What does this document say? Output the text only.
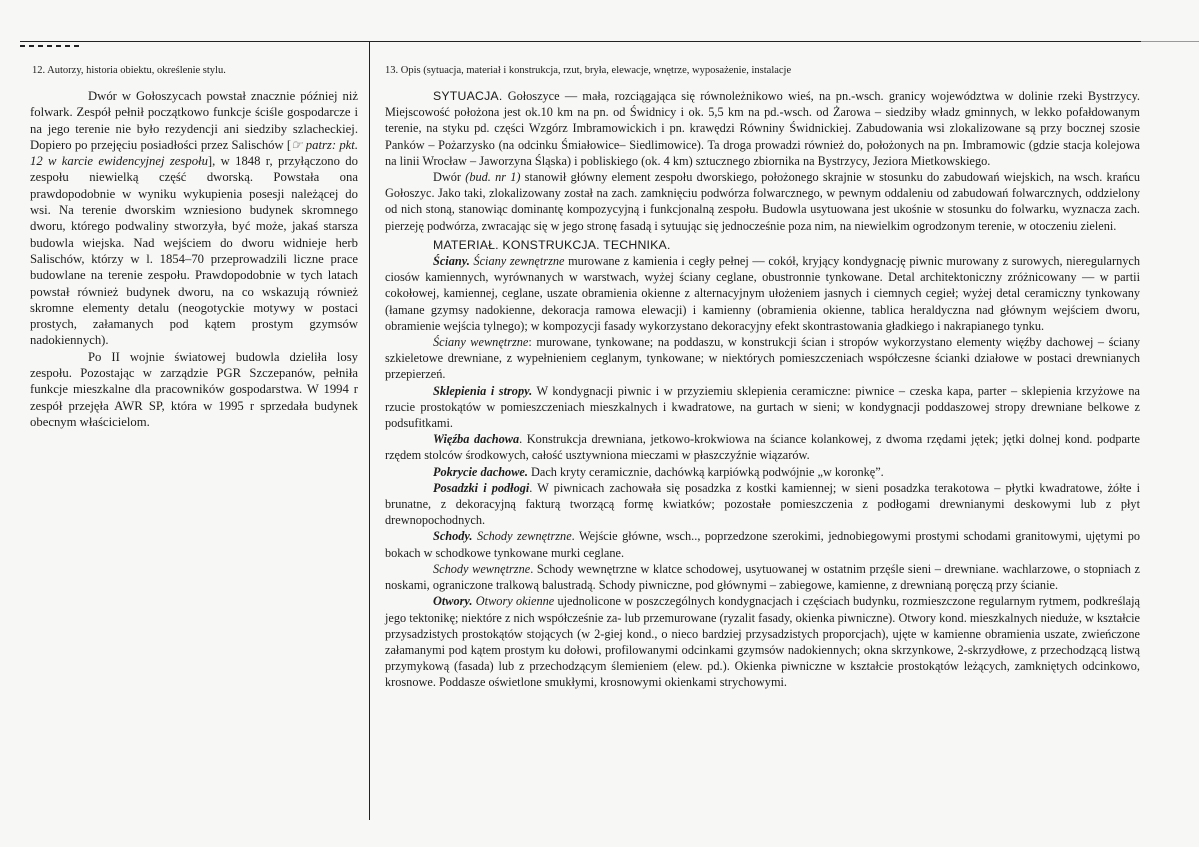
12. Autorzy, historia obiektu, określenie stylu.

Dwór w Gołoszycach powstał znacznie później niż folwark. Zespół pełnił początkowo funkcje ściśle gospodarcze i na jego terenie nie było rezydencji ani siedziby szlacheckiej. Dopiero po przejęciu posiadłości przez Salischów [☞ patrz: pkt. 12 w karcie ewidencyjnej zespołu], w 1848 r, przyłączono do zespołu niewielką część dworską. Powstała ona prawdopodobnie w wyniku wykupienia posesji należącej do wsi. Na terenie dworskim wzniesiono budynek skromnego dworu, którego podwaliny stworzyła, być może, jakaś starsza budowla wiejska. Nad wejściem do dworu widnieje herb Salischów, którzy w l. 1854–70 przeprowadzili liczne prace budowlane na terenie zespołu. Prawdopodobnie w tych latach powstał również budynek dworu, na co wskazują również skromne elementy detalu (neogotyckie motywy w postaci prostych, załamanych pod kątem prostym gzymsów nadokiennych).

Po II wojnie światowej budowla dzieliła losy zespołu. Pozostając w zarządzie PGR Szczepanów, pełniła funkcje mieszkalne dla pracowników gospodarstwa. W 1994 r zespół przejęła AWR SP, która w 1995 r sprzedała budynek obecnym właścicielom.

13. Opis (sytuacja, materiał i konstrukcja, rzut, bryła, elewacje, wnętrze, wyposażenie, instalacje

SYTUACJA. Gołoszyce — mała, rozciągająca się równoleżnikowo wieś, na pn.-wsch. granicy województwa w dolinie rzeki Bystrzycy. Miejscowość położona jest ok.10 km na pn. od Świdnicy i ok. 5,5 km na pd.-wsch. od Żarowa – siedziby władz gminnych, w lekko pofałdowanym terenie, na styku pd. części Wzgórz Imbramowickich i pn. krawędzi Równiny Świdnickiej. Zabudowania wsi zlokalizowane są przy bocznej szosie Panków – Pożarzysko (na odcinku Śmiałowice– Siedlimowice). Ta droga prowadzi również do, położonych na pn. Imbramowic (gdzie stacja kolejowa na linii Wrocław – Jaworzyna Śląska) i pobliskiego (ok. 4 km) sztucznego zbiornika na Bystrzycy, Jeziora Mietkowskiego.

Dwór (bud. nr 1) stanowił główny element zespołu dworskiego, położonego skrajnie w stosunku do zabudowań wiejskich, na wsch. krańcu Gołoszyc. Jako taki, zlokalizowany został na zach. zamknięciu podwórza folwarcznego, w pewnym oddaleniu od zabudowań folwarcznych, oddzielony od nich stoną, stanowiąc dominantę kompozycyjną i funkcjonalną zespołu. Budowla usytuowana jest ukośnie w stosunku do folwarku, wyznacza zach. pierzeję podwórza, zwracając się w jego stronę fasadą i sytuując się jednocześnie poza nim, na niewielkim ogrodzonym terenie, w otoczeniu zieleni.

MATERIAŁ. KONSTRUKCJA. TECHNIKA.

Ściany. Ściany zewnętrzne murowane z kamienia i cegły pełnej — cokół, kryjący kondygnację piwnic murowany z surowych, nieregularnych ciosów kamiennych, wyrównanych w warstwach, wyżej ściany ceglane, obustronnie tynkowane. Detal architektoniczny zróżnicowany — w partii cokołowej, kamiennej, ceglane, uszate obramienia okienne z alternacyjnym ułożeniem jasnych i ciemnych cegieł; wyżej detal ceramiczny tynkowany (łamane gzymsy nadokienne, dekoracja ramowa elewacji) i kamienny (obramienia okienne, tablica heraldyczna nad głównym wejściem dworu, obramienie wejścia tylnego); w kompozycji fasady wykorzystano dekoracyjny efekt skontrastowania gładkiego i nakrapianego tynku.

Ściany wewnętrzne: murowane, tynkowane; na poddaszu, w konstrukcji ścian i stropów wykorzystano elementy więźby dachowej – ściany szkieletowe drewniane, z wypełnieniem ceglanym, tynkowane; w niektórych pomieszczeniach współczesne ścianki działowe w postaci drewnianych przepierzeń.

Sklepienia i stropy. W kondygnacji piwnic i w przyziemiu sklepienia ceramiczne: piwnice – czeska kapa, parter – sklepienia krzyżowe na rzucie prostokątów w pomieszczeniach mieszkalnych i kwadratowe, na gurtach w sieni; w kondygnacji poddaszowej stropy drewniane belkowe z podsufitkami.

Więźba dachowa. Konstrukcja drewniana, jetkowo-krokwiowa na ściance kolankowej, z dwoma rzędami jętek; jętki dolnej kond. podparte rzędem stolców środkowych, całość usztywniona mieczami w płaszczyźnie wiązarów.

Pokrycie dachowe. Dach kryty ceramicznie, dachówką karpiówką podwójnie „w koronkę”.

Posadzki i podłogi. W piwnicach zachowała się posadzka z kostki kamiennej; w sieni posadzka terakotowa – płytki kwadratowe, żółte i brunatne, z dekoracyjną fakturą tworzącą formę kwiatków; pozostałe pomieszczenia z podłogami drewnianymi deskowymi lub z płyt drewnopochodnych.

Schody. Schody zewnętrzne. Wejście główne, wsch.., poprzedzone szerokimi, jednobiegowymi prostymi schodami granitowymi, ujętymi po bokach w schodkowe tynkowane murki ceglane.

Schody wewnętrzne. Schody wewnętrzne w klatce schodowej, usytuowanej w ostatnim przęśle sieni – drewniane. wachlarzowe, o stopniach z noskami, ograniczone tralkową balustradą. Schody piwniczne, pod głównymi – zabiegowe, kamienne, z drewnianą poręczą przy ścianie.

Otwory. Otwory okienne ujednolicone w poszczególnych kondygnacjach i częściach budynku, rozmieszczone regularnym rytmem, podkreślają jego tektonikę; niektóre z nich współcześnie za- lub przemurowane (ryzalit fasady, okienka piwniczne). Otwory kond. mieszkalnych nieduże, w kształcie przysadzistych prostokątów stojących (w 2-giej kond., o nieco bardziej przysadzistych proporcjach), ujęte w kamienne obramienia uszate, zwieńczone załamanymi pod kątem prostym ku dołowi, profilowanymi odcinkami gzymsów nadokiennych; okna skrzynkowe, 2-skrzydłowe, z przechodzącą listwą przymykową (fasada) lub z przechodzącym ślemieniem (elew. pd.). Okienka piwniczne w kształcie prostokątów leżących, zamkniętych odcinkowo, krosnowe. Poddasze oświetlone smukłymi, krosnowymi okienkami strychowymi.
